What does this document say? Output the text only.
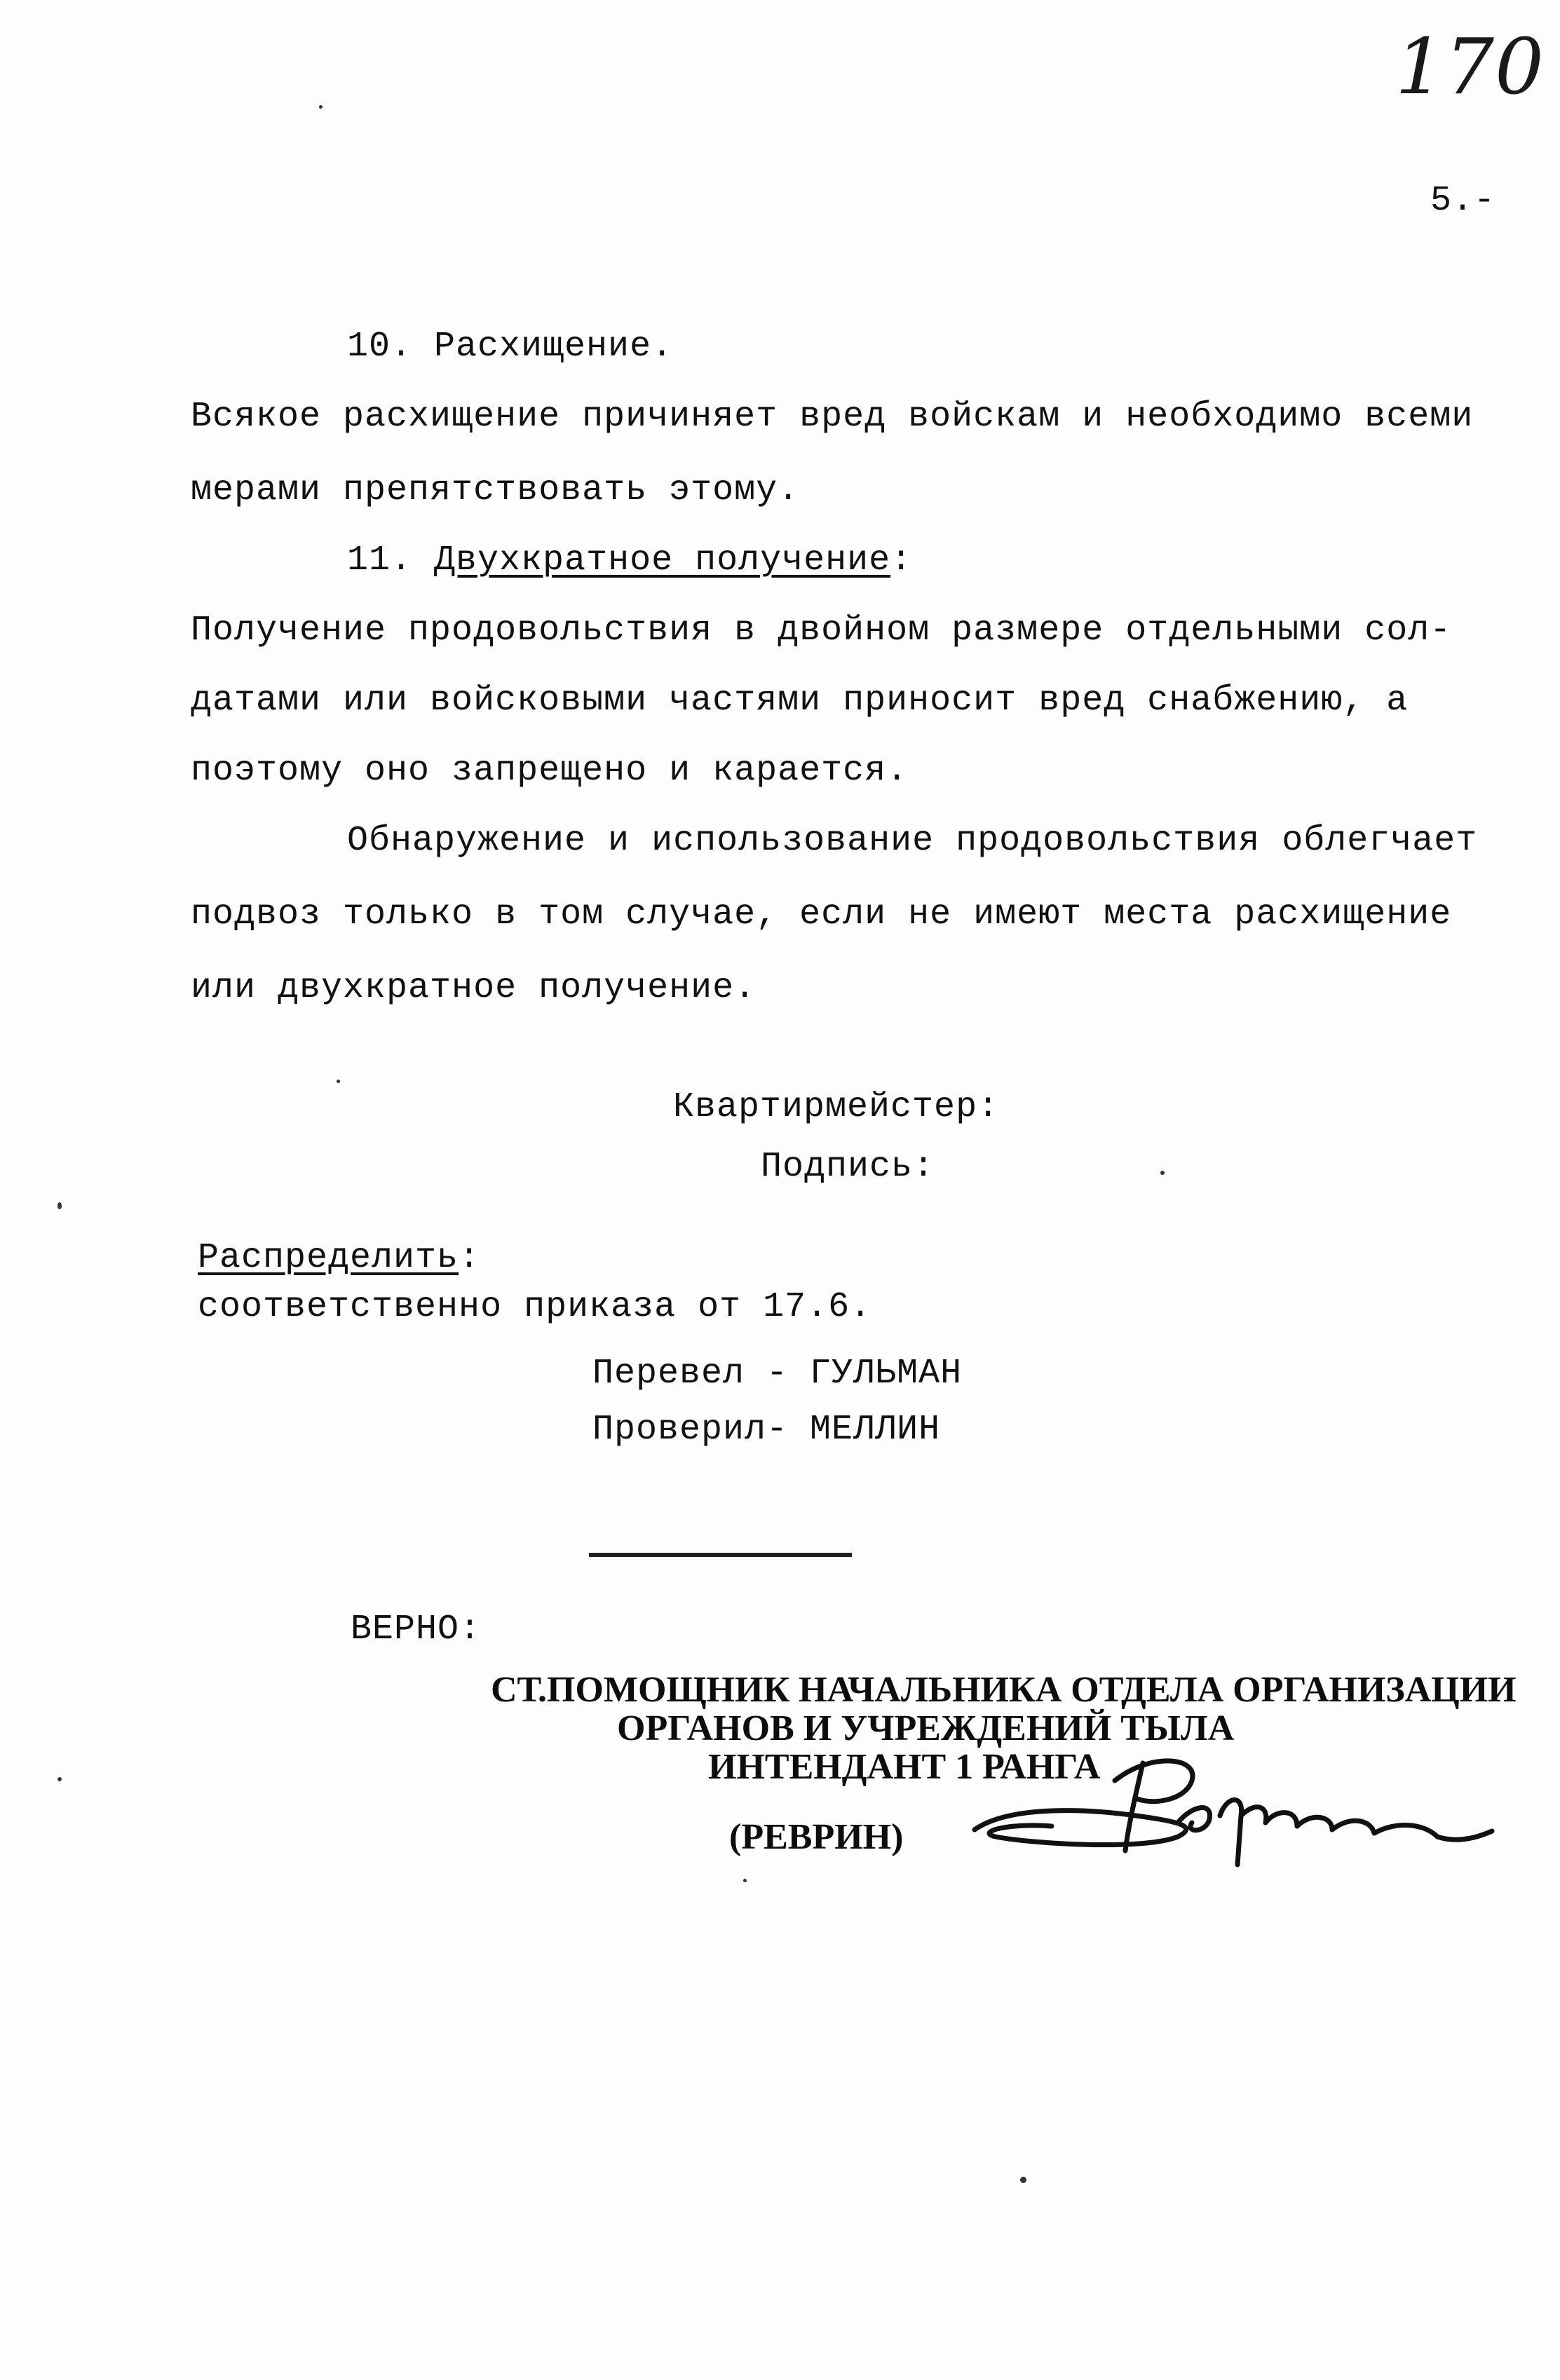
170
5.-
10. Расхищение.
Всякое расхищение причиняет вред войскам и необходимо всеми
мерами препятствовать этому.
11. Двухкратное получение:
Получение продовольствия в двойном размере отдельными сол-
датами или войсковыми частями приносит вред снабжению, а
поэтому оно запрещено и карается.
Обнаружение и использование продовольствия облегчает
подвоз только в том случае, если не имеют места расхищение
или двухкратное получение.
Квартирмейстер:
Подпись:
Распределить:
соответственно приказа от 17.6.
Перевел - ГУЛЬМАН
Проверил- МЕЛЛИН
ВЕРНО:
СТ.ПОМОЩНИК НАЧАЛЬНИКА ОТДЕЛА ОРГАНИЗАЦИИ
ОРГАНОВ И УЧРЕЖДЕНИЙ ТЫЛА
ИНТЕНДАНТ 1 РАНГА
(РЕВРИН)
